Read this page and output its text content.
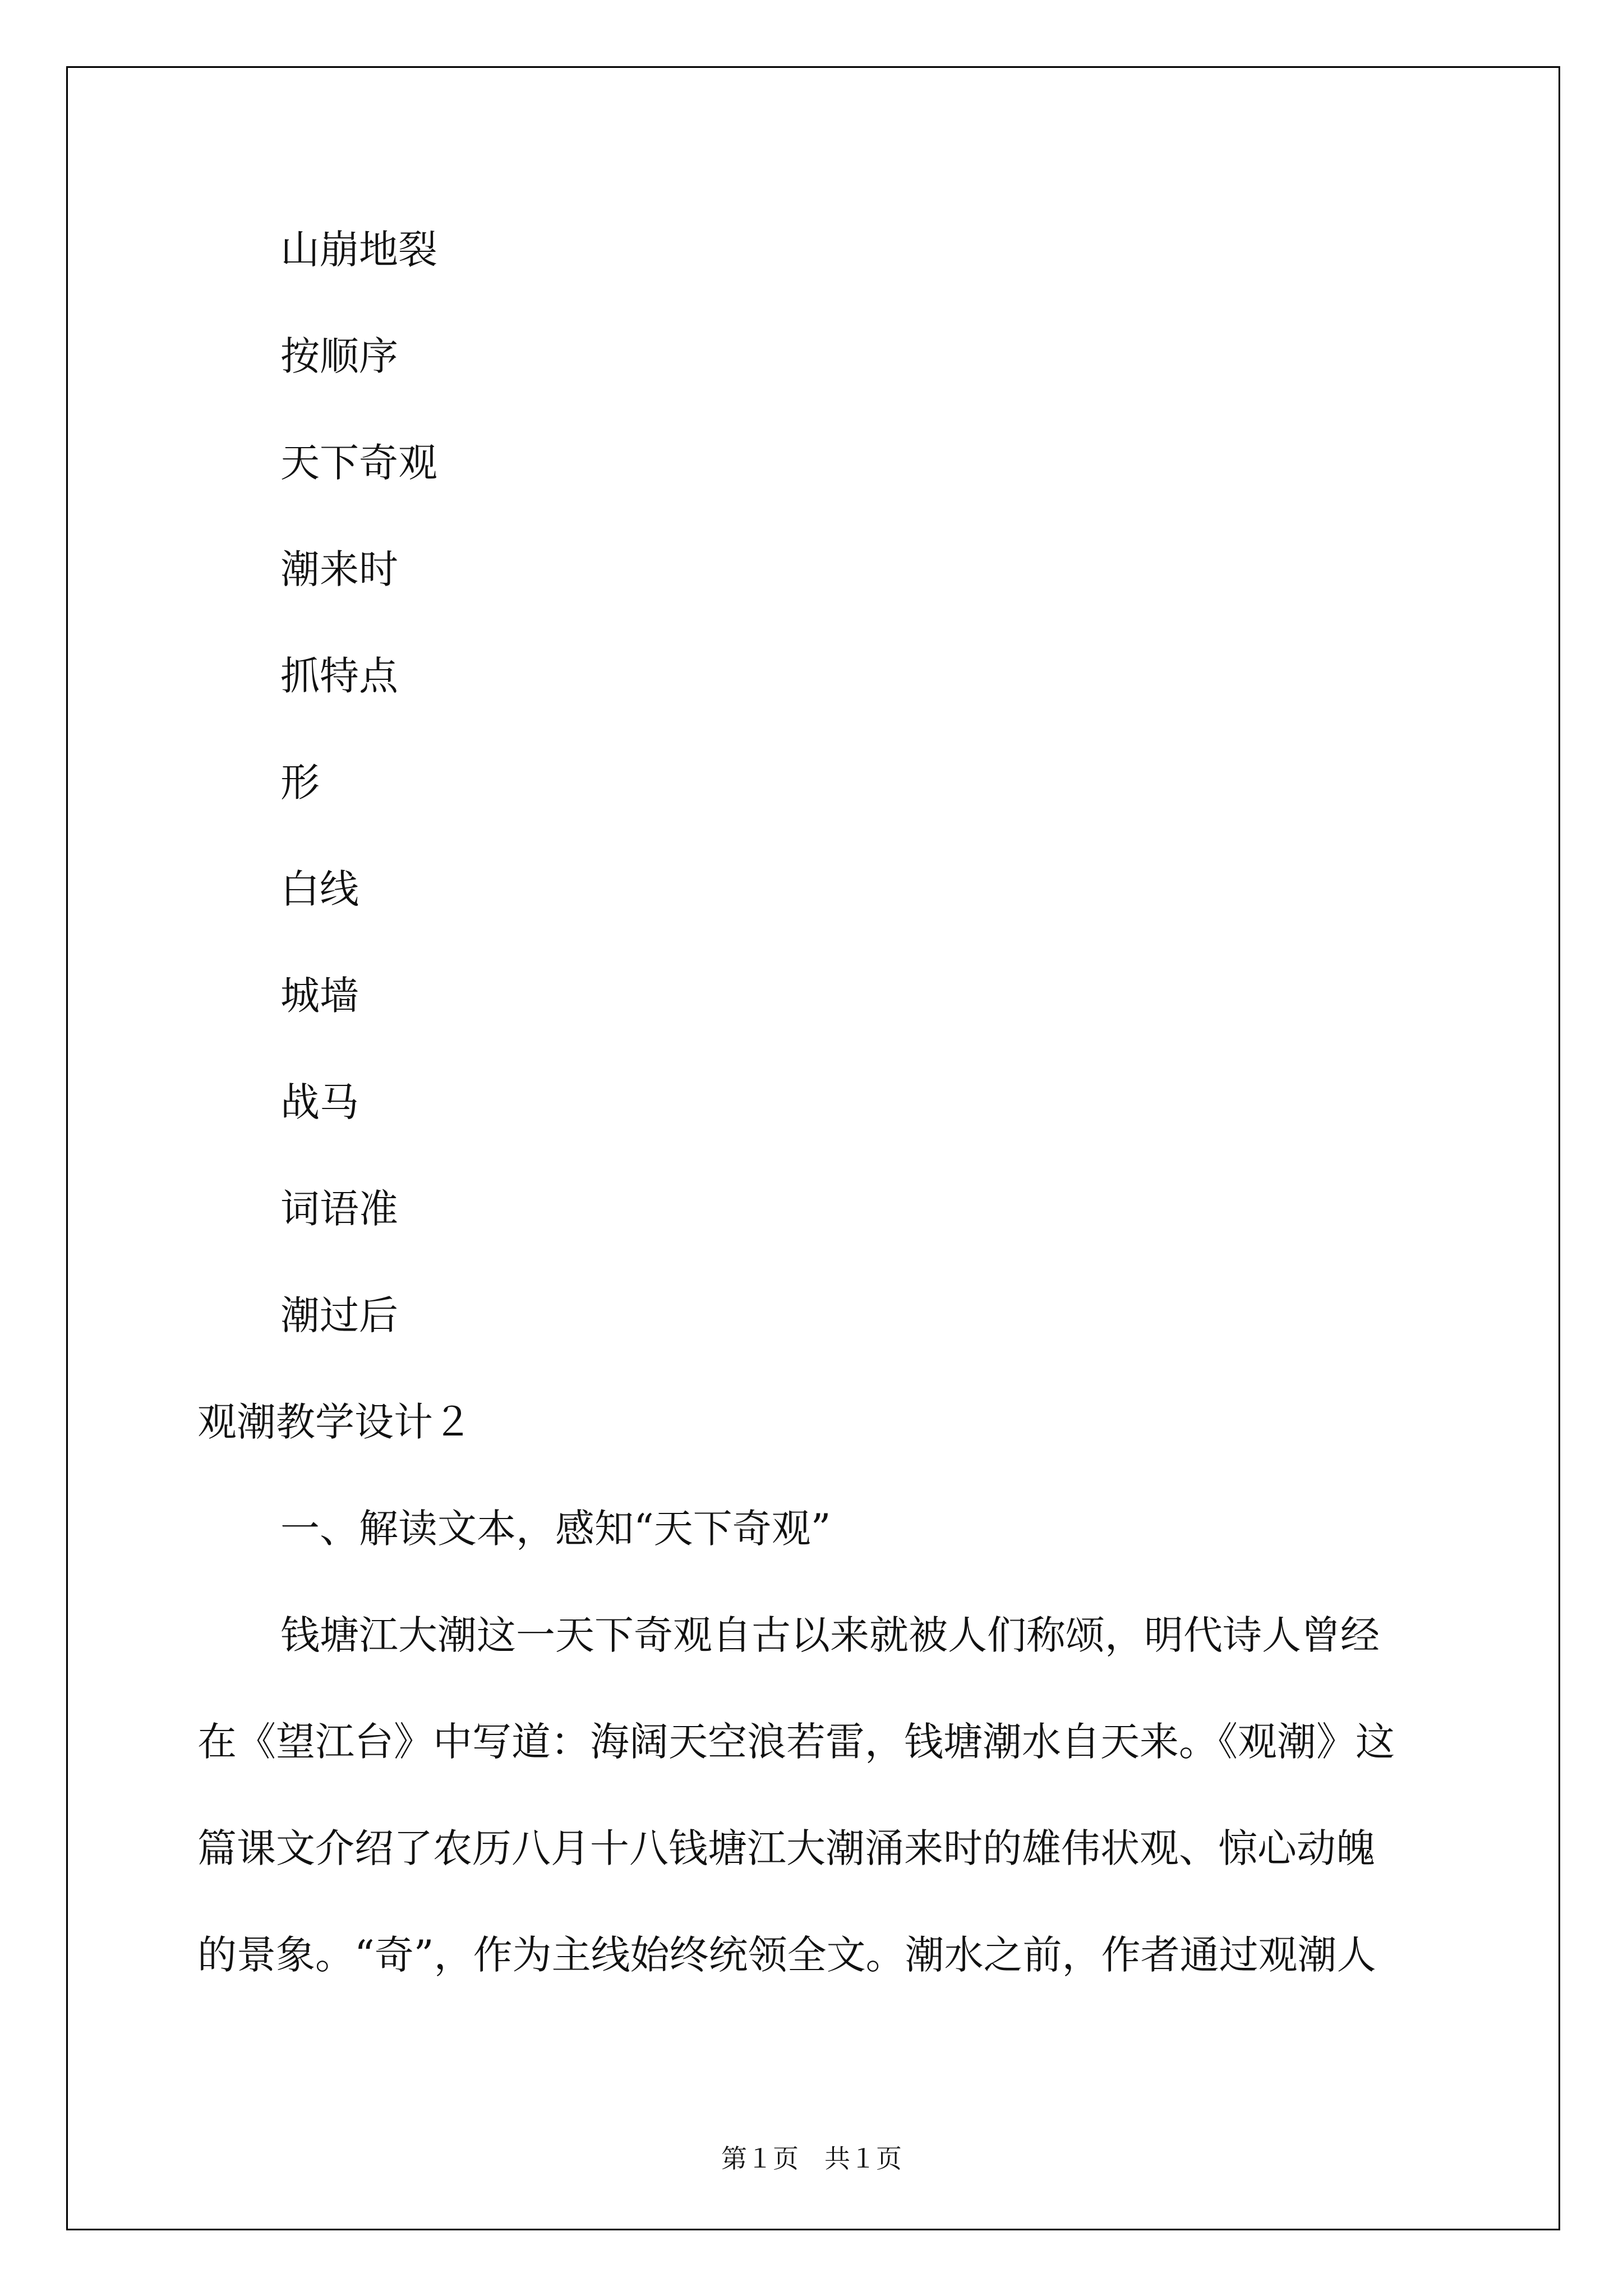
山崩地裂
按顺序
天下奇观
潮来时
抓特点
形
白线
城墙
战马
词语准
潮过后
观潮教学设计２
一、解读文本，感知“天下奇观”
钱塘江大潮这一天下奇观自古以来就被人们称颂，明代诗人曾经
在《望江台》中写道：海阔天空浪若雷，钱塘潮水自天来。《观潮》这
篇课文介绍了农历八月十八钱塘江大潮涌来时的雄伟状观、惊心动魄
的景象。“奇”，作为主线始终统领全文。潮水之前，作者通过观潮人
第１页　共１页
